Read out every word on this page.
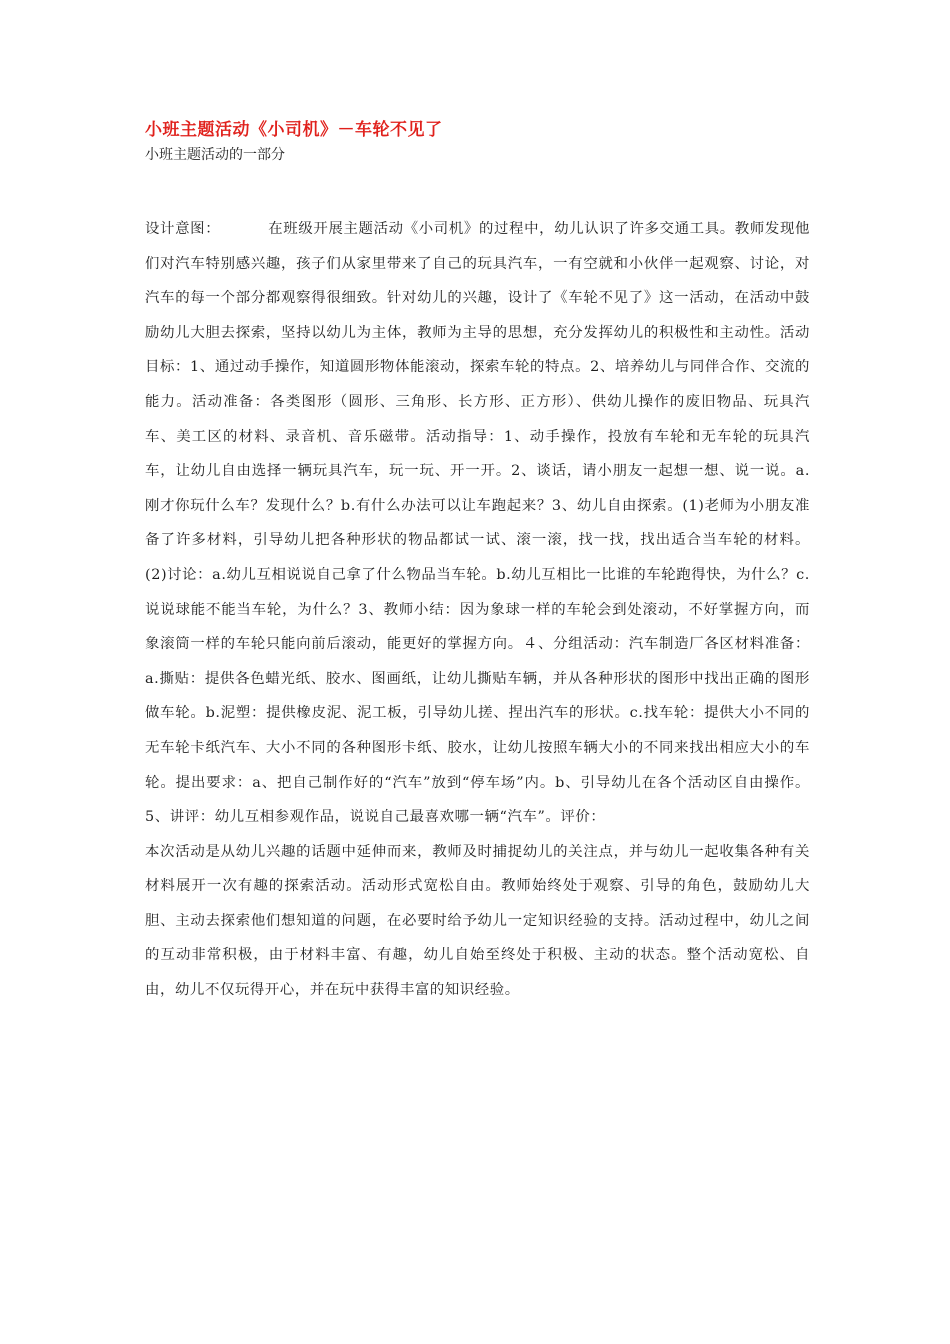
小班主题活动《小司机》－车轮不见了
小班主题活动的一部分

设计意图：	在班级开展主题活动《小司机》的过程中，幼儿认识了许多交通工具。教师发现他们对汽车特别感兴趣，孩子们从家里带来了自己的玩具汽车，一有空就和小伙伴一起观察、讨论，对汽车的每一个部分都观察得很细致。针对幼儿的兴趣，设计了《车轮不见了》这一活动，在活动中鼓励幼儿大胆去探索，坚持以幼儿为主体，教师为主导的思想，充分发挥幼儿的积极性和主动性。活动目标：1、通过动手操作，知道圆形物体能滚动，探索车轮的特点。2、培养幼儿与同伴合作、交流的能力。活动准备：各类图形（圆形、三角形、长方形、正方形）、供幼儿操作的废旧物品、玩具汽车、美工区的材料、录音机、音乐磁带。活动指导：1、动手操作，投放有车轮和无车轮的玩具汽车，让幼儿自由选择一辆玩具汽车，玩一玩、开一开。2、谈话，请小朋友一起想一想、说一说。a.刚才你玩什么车？发现什么？b.有什么办法可以让车跑起来？3、幼儿自由探索。(1)老师为小朋友准备了许多材料，引导幼儿把各种形状的物品都试一试、滚一滚，找一找，找出适合当车轮的材料。(2)讨论：a.幼儿互相说说自己拿了什么物品当车轮。b.幼儿互相比一比谁的车轮跑得快，为什么？c.说说球能不能当车轮，为什么？3、教师小结：因为象球一样的车轮会到处滚动，不好掌握方向，而象滚筒一样的车轮只能向前后滚动，能更好的掌握方向。４、分组活动：汽车制造厂各区材料准备：a.撕贴：提供各色蜡光纸、胶水、图画纸，让幼儿撕贴车辆，并从各种形状的图形中找出正确的图形做车轮。b.泥塑：提供橡皮泥、泥工板，引导幼儿搓、捏出汽车的形状。c.找车轮：提供大小不同的无车轮卡纸汽车、大小不同的各种图形卡纸、胶水，让幼儿按照车辆大小的不同来找出相应大小的车轮。提出要求：a、把自己制作好的“汽车”放到“停车场”内。b、引导幼儿在各个活动区自由操作。5、讲评：幼儿互相参观作品，说说自己最喜欢哪一辆“汽车”。评价：

本次活动是从幼儿兴趣的话题中延伸而来，教师及时捕捉幼儿的关注点，并与幼儿一起收集各种有关材料展开一次有趣的探索活动。活动形式宽松自由。教师始终处于观察、引导的角色，鼓励幼儿大胆、主动去探索他们想知道的问题，在必要时给予幼儿一定知识经验的支持。活动过程中，幼儿之间的互动非常积极，由于材料丰富、有趣，幼儿自始至终处于积极、主动的状态。整个活动宽松、自由，幼儿不仅玩得开心，并在玩中获得丰富的知识经验。
